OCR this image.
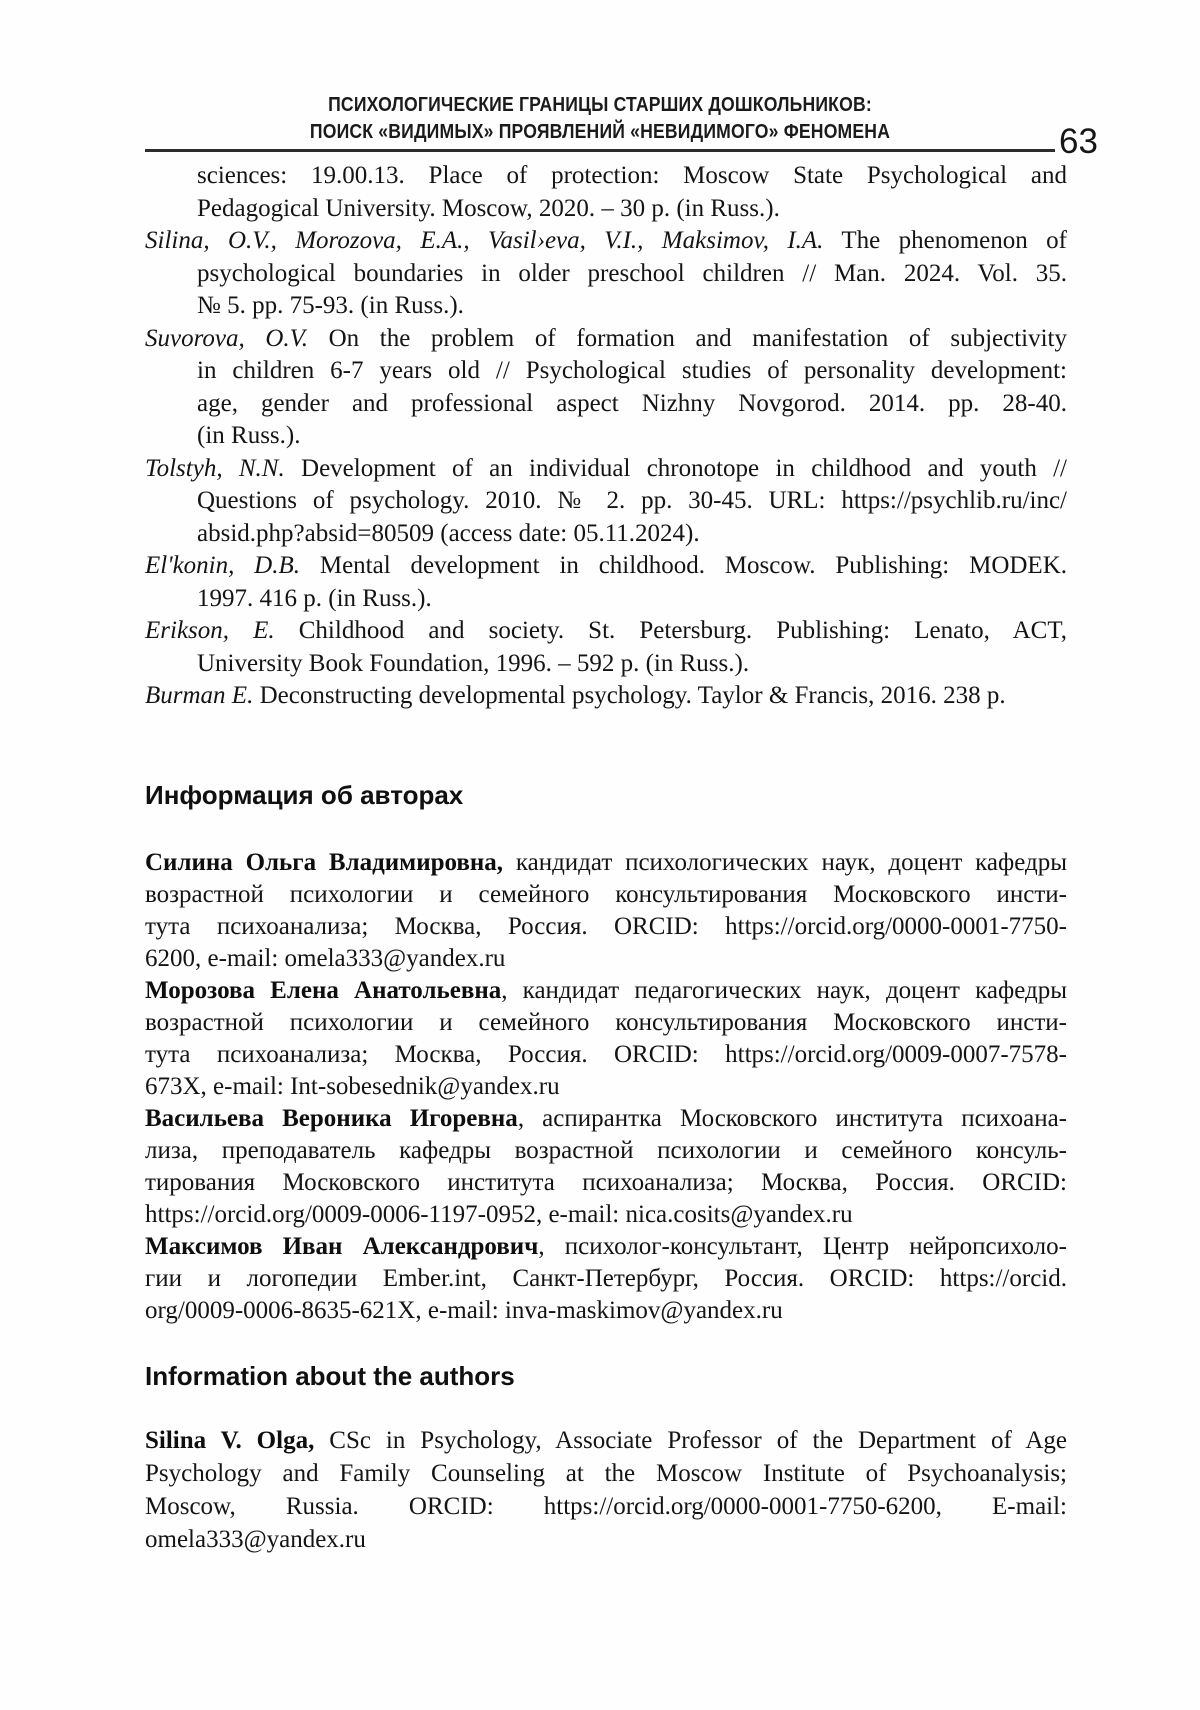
ПСИХОЛОГИЧЕСКИЕ ГРАНИЦЫ СТАРШИХ ДОШКОЛЬНИКОВ:
ПОИСК «ВИДИМЫХ» ПРОЯВЛЕНИЙ «НЕВИДИМОГО» ФЕНОМЕНА	63
sciences: 19.00.13. Place of protection: Moscow State Psychological and
Pedagogical University. Moscow, 2020. – 30 p. (in Russ.).
Silina, O.V., Morozova, E.A., Vasil›eva, V.I., Maksimov, I.A. The phenomenon of
psychological boundaries in older preschool children // Man. 2024. Vol. 35.
№ 5. pp. 75-93. (in Russ.).
Suvorova, O.V. On the problem of formation and manifestation of subjectivity
in children 6-7 years old // Psychological studies of personality development:
age, gender and professional aspect Nizhny Novgorod. 2014. pp. 28-40.
(in Russ.).
Tolstyh, N.N. Development of an individual chronotope in childhood and youth //
Questions of psychology. 2010. № 2. pp. 30-45. URL: https://psychlib.ru/inc/
absid.php?absid=80509 (access date: 05.11.2024).
El'konin, D.B. Mental development in childhood. Moscow. Publishing: MODEK.
1997. 416 p. (in Russ.).
Erikson, E. Childhood and society. St. Petersburg. Publishing: Lenato, ACT,
University Book Foundation, 1996. – 592 p. (in Russ.).
Burman E. Deconstructing developmental psychology. Taylor & Francis, 2016. 238 p.
Информация об авторах
Силина Ольга Владимировна, кандидат психологических наук, доцент кафедры
возрастной психологии и семейного консультирования Московского инсти-
тута психоанализа; Москва, Россия. ORCID: https://orcid.org/0000-0001-7750-
6200, e-mail: omela333@yandex.ru
Морозова Елена Анатольевна, кандидат педагогических наук, доцент кафедры
возрастной психологии и семейного консультирования Московского инсти-
тута психоанализа; Москва, Россия. ORCID: https://orcid.org/0009-0007-7578-
673X, e-mail: Int-sobesednik@yandex.ru
Васильева Вероника Игоревна, аспирантка Московского института психоана-
лиза, преподаватель кафедры возрастной психологии и семейного консуль-
тирования Московского института психоанализа; Москва, Россия. ORCID:
https://orcid.org/0009-0006-1197-0952, e-mail: nica.cosits@yandex.ru
Максимов Иван Александрович, психолог-консультант, Центр нейропсихоло-
гии и логопедии Ember.int, Санкт-Петербург, Россия. ORCID: https://orcid.
org/0009-0006-8635-621X, e-mail: inva-maskimov@yandex.ru
Information about the authors
Silina V. Olga, CSc in Psychology, Associate Professor of the Department of Age
Psychology and Family Counseling at the Moscow Institute of Psychoanalysis;
Moscow, Russia. ORCID: https://orcid.org/0000-0001-7750-6200, E-mail:
omela333@yandex.ru
